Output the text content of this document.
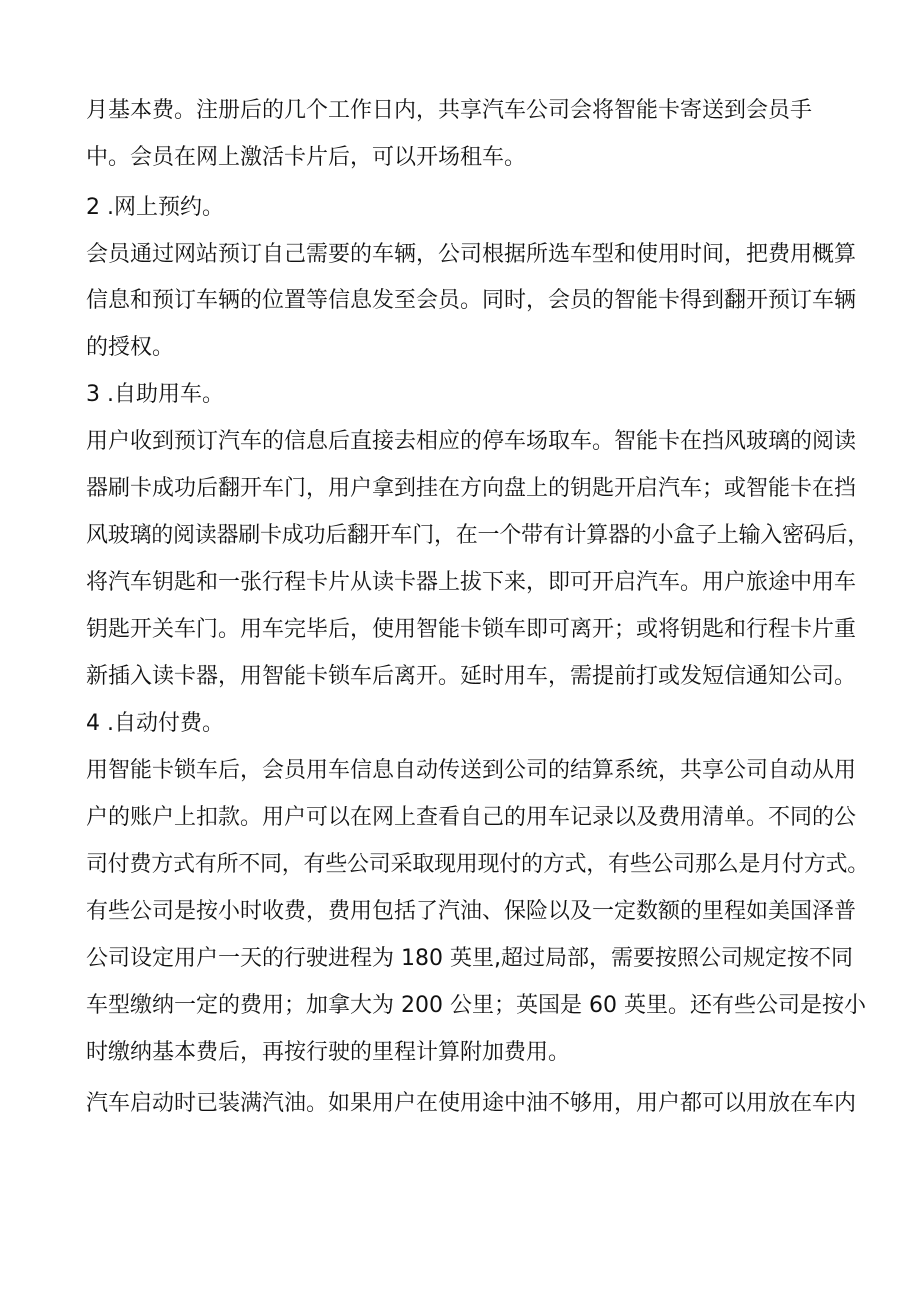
月基本费。注册后的几个工作日内，共享汽车公司会将智能卡寄送到会员手
中。会员在网上激活卡片后，可以开场租车。
2 .网上预约。
会员通过网站预订自己需要的车辆，公司根据所选车型和使用时间，把费用概算
信息和预订车辆的位置等信息发至会员。同时，会员的智能卡得到翻开预订车辆
的授权。
3 .自助用车。
用户收到预订汽车的信息后直接去相应的停车场取车。智能卡在挡风玻璃的阅读
器刷卡成功后翻开车门，用户拿到挂在方向盘上的钥匙开启汽车；或智能卡在挡
风玻璃的阅读器刷卡成功后翻开车门，在一个带有计算器的小盒子上输入密码后，
将汽车钥匙和一张行程卡片从读卡器上拔下来，即可开启汽车。用户旅途中用车
钥匙开关车门。用车完毕后，使用智能卡锁车即可离开；或将钥匙和行程卡片重
新插入读卡器，用智能卡锁车后离开。延时用车，需提前打或发短信通知公司。
4 .自动付费。
用智能卡锁车后，会员用车信息自动传送到公司的结算系统，共享公司自动从用
户的账户上扣款。用户可以在网上查看自己的用车记录以及费用清单。不同的公
司付费方式有所不同，有些公司采取现用现付的方式，有些公司那么是月付方式。
有些公司是按小时收费，费用包括了汽油、保险以及一定数额的里程如美国泽普
公司设定用户一天的行驶进程为 180 英里,超过局部，需要按照公司规定按不同
车型缴纳一定的费用；加拿大为 200 公里；英国是 60 英里。还有些公司是按小
时缴纳基本费后，再按行驶的里程计算附加费用。
汽车启动时已装满汽油。如果用户在使用途中油不够用，用户都可以用放在车内
